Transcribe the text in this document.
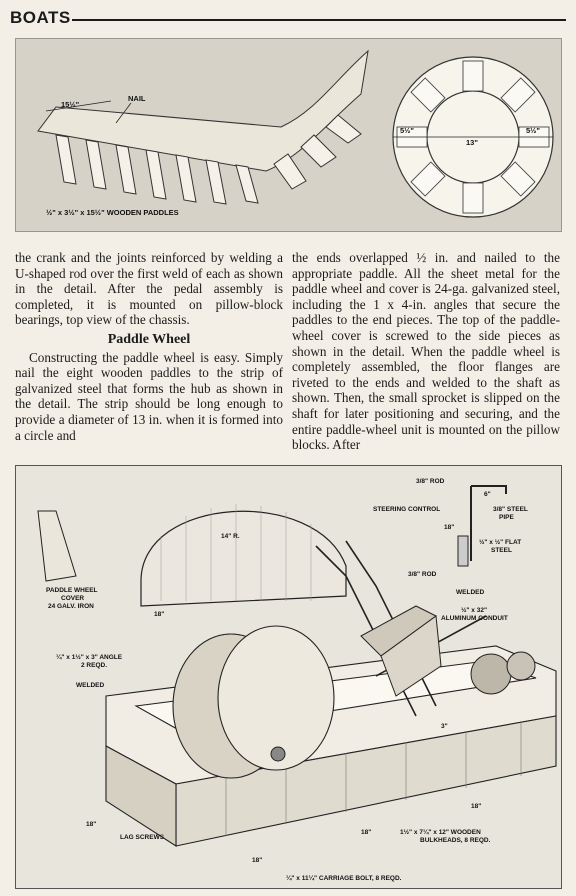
BOATS
15½"
NAIL
½" x 3½" x 15½" WOODEN PADDLES
5½"
13"
5½"

the crank and the joints reinforced by welding a U-shaped rod over the first weld of each as shown in the detail. After the pedal assembly is completed, it is mounted on pillow-block bearings, top view of the chassis.

Paddle Wheel

Constructing the paddle wheel is easy. Simply nail the eight wooden paddles to the strip of galvanized steel that forms the hub as shown in the detail. The strip should be long enough to provide a diameter of 13 in. when it is formed into a circle and

the ends overlapped ½ in. and nailed to the appropriate paddle. All the sheet metal for the paddle wheel and cover is 24-ga. galvanized steel, including the 1 x 4-in. angles that secure the paddles to the end pieces. The top of the paddle-wheel cover is screwed to the side pieces as shown in the detail. When the paddle wheel is completely assembled, the floor flanges are riveted to the ends and welded to the shaft as shown. Then, the small sprocket is slipped on the shaft for later positioning and securing, and the entire paddle-wheel unit is mounted on the pillow blocks. After

14" R.
PADDLE WHEEL
COVER
24 GALV. IRON
18"
¼" x 1½" x 3" ANGLE
2 REQD.
WELDED
3/8" ROD
6"
STEERING CONTROL	3/8" STEEL
PIPE
18"
½" x ½" FLAT
STEEL
3/8" ROD
WELDED
½" x 32"
ALUMINUM CONDUIT
3"
18"
LAG SCREWS
18"
18"
1½" x 7¼" x 12" WOODEN
BULKHEADS, 8 REQD.
18"
¼" x 11¼" CARRIAGE BOLT, 8 REQD.
